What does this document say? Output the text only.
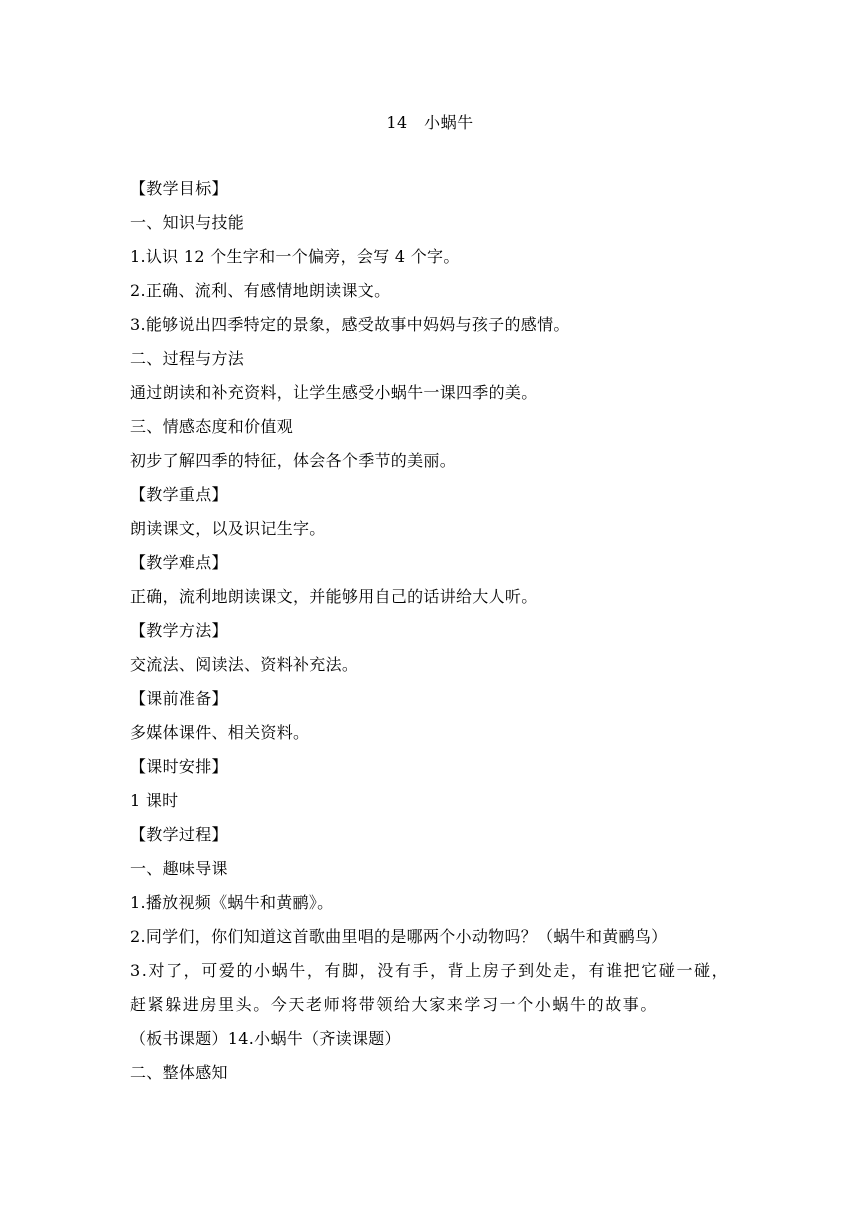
14　小蜗牛

【教学目标】

一、知识与技能

1.认识 12 个生字和一个偏旁，会写 4 个字。

2.正确、流利、有感情地朗读课文。

3.能够说出四季特定的景象，感受故事中妈妈与孩子的感情。

二、过程与方法

通过朗读和补充资料，让学生感受小蜗牛一课四季的美。

三、情感态度和价值观

初步了解四季的特征，体会各个季节的美丽。

【教学重点】

朗读课文，以及识记生字。

【教学难点】

正确，流利地朗读课文，并能够用自己的话讲给大人听。

【教学方法】

交流法、阅读法、资料补充法。

【课前准备】

多媒体课件、相关资料。

【课时安排】

1 课时

【教学过程】

一、趣味导课

1.播放视频《蜗牛和黄鹂》。

2.同学们，你们知道这首歌曲里唱的是哪两个小动物吗？（蜗牛和黄鹂鸟）

3.对了，可爱的小蜗牛，有脚，没有手，背上房子到处走，有谁把它碰一碰，赶紧躲进房里头。今天老师将带领给大家来学习一个小蜗牛的故事。

（板书课题）14.小蜗牛（齐读课题）

二、整体感知
